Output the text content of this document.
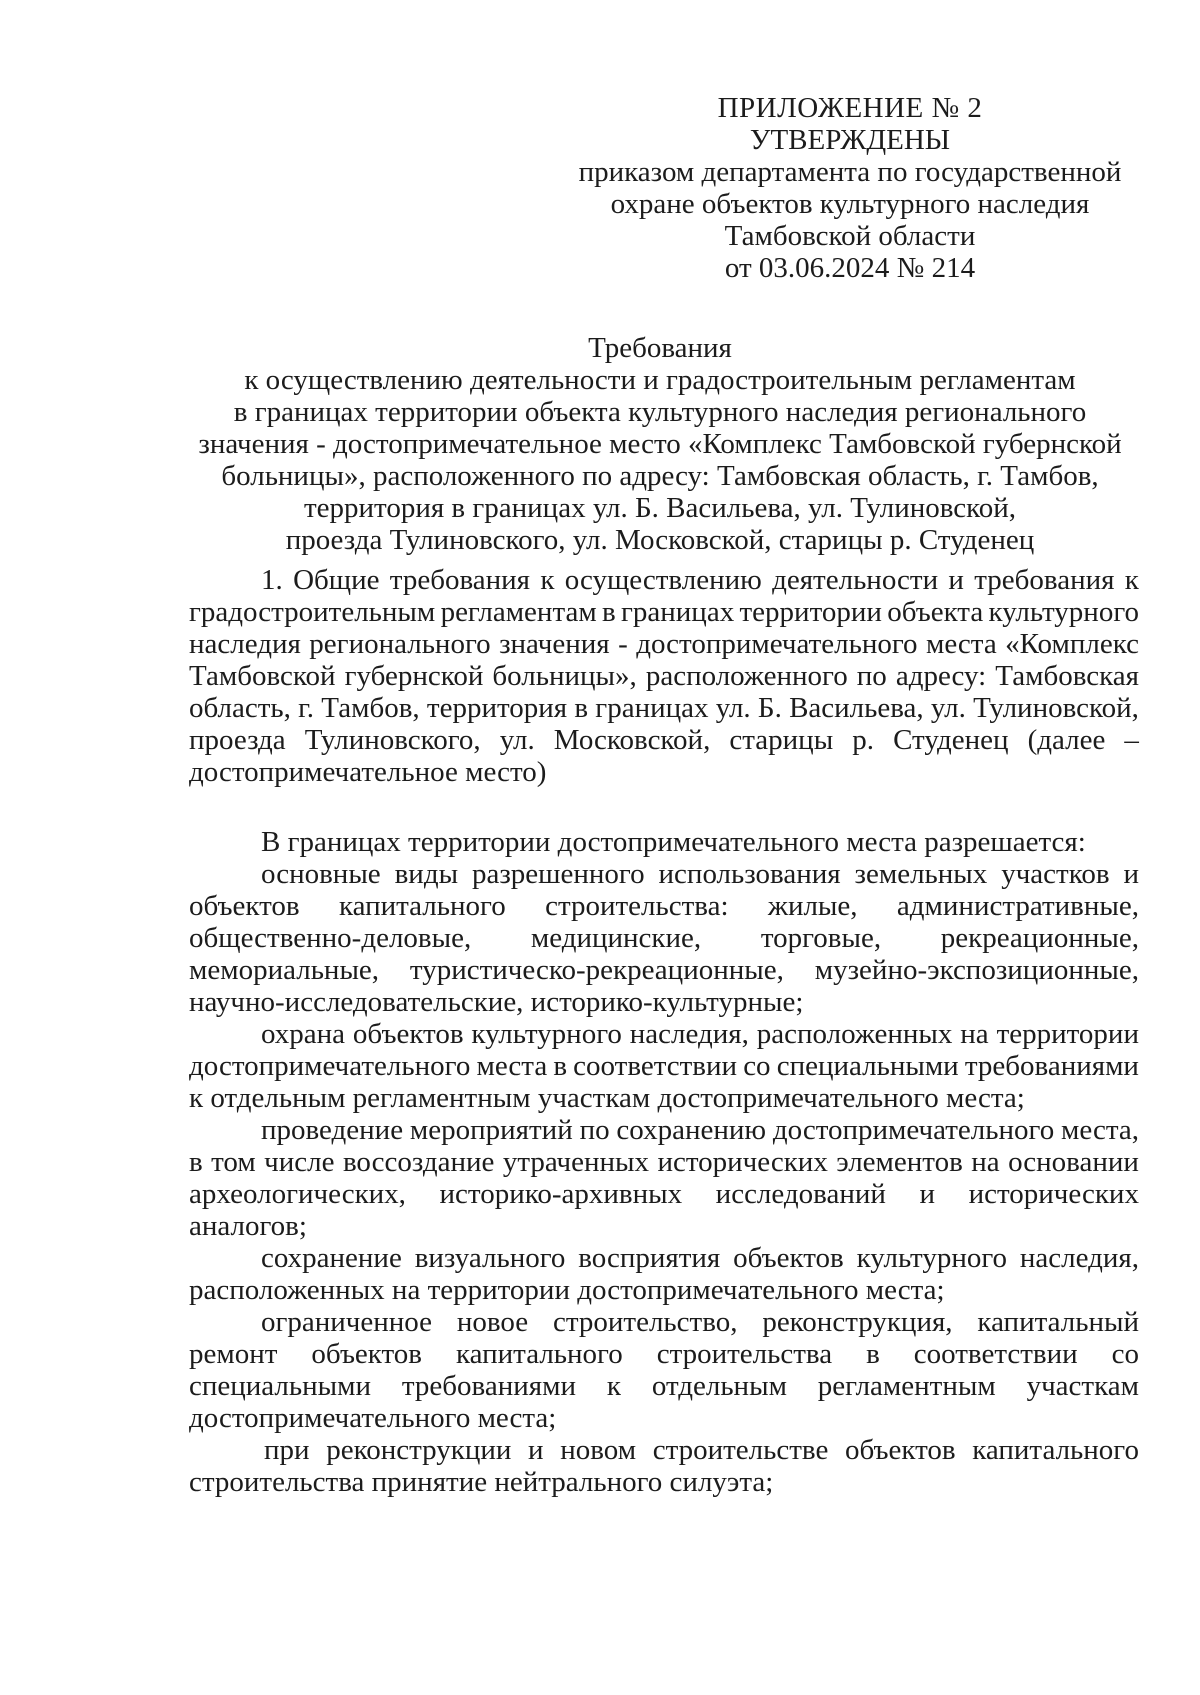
ПРИЛОЖЕНИЕ № 2
УТВЕРЖДЕНЫ
приказом департамента по государственной
охране объектов культурного наследия
Тамбовской области
от 03.06.2024 № 214
Требования
к осуществлению деятельности и градостроительным регламентам
в границах территории объекта культурного наследия регионального
значения - достопримечательное место «Комплекс Тамбовской губернской
больницы», расположенного по адресу: Тамбовская область, г. Тамбов,
территория в границах ул. Б. Васильева, ул. Тулиновской,
проезда Тулиновского, ул. Московской, старицы р. Студенец
1. Общие требования к осуществлению деятельности и требования к
градостроительным регламентам в границах территории объекта культурного
наследия регионального значения - достопримечательного места «Комплекс
Тамбовской губернской больницы», расположенного по адресу: Тамбовская
область, г. Тамбов, территория в границах ул. Б. Васильева, ул. Тулиновской,
проезда Тулиновского, ул. Московской, старицы р. Студенец (далее –
достопримечательное место)
В границах территории достопримечательного места разрешается:
основные виды разрешенного использования земельных участков и
объектов капитального строительства: жилые, административные,
общественно-деловые, медицинские, торговые, рекреационные,
мемориальные, туристическо-рекреационные, музейно-экспозиционные,
научно-исследовательские, историко-культурные;
охрана объектов культурного наследия, расположенных на территории
достопримечательного места в соответствии со специальными требованиями
к отдельным регламентным участкам достопримечательного места;
проведение мероприятий по сохранению достопримечательного места,
в том числе воссоздание утраченных исторических элементов на основании
археологических, историко-архивных исследований и исторических
аналогов;
сохранение визуального восприятия объектов культурного наследия,
расположенных на территории достопримечательного места;
ограниченное новое строительство, реконструкция, капитальный
ремонт объектов капитального строительства в соответствии со
специальными требованиями к отдельным регламентным участкам
достопримечательного места;
при реконструкции и новом строительстве объектов капитального
строительства принятие нейтрального силуэта;
